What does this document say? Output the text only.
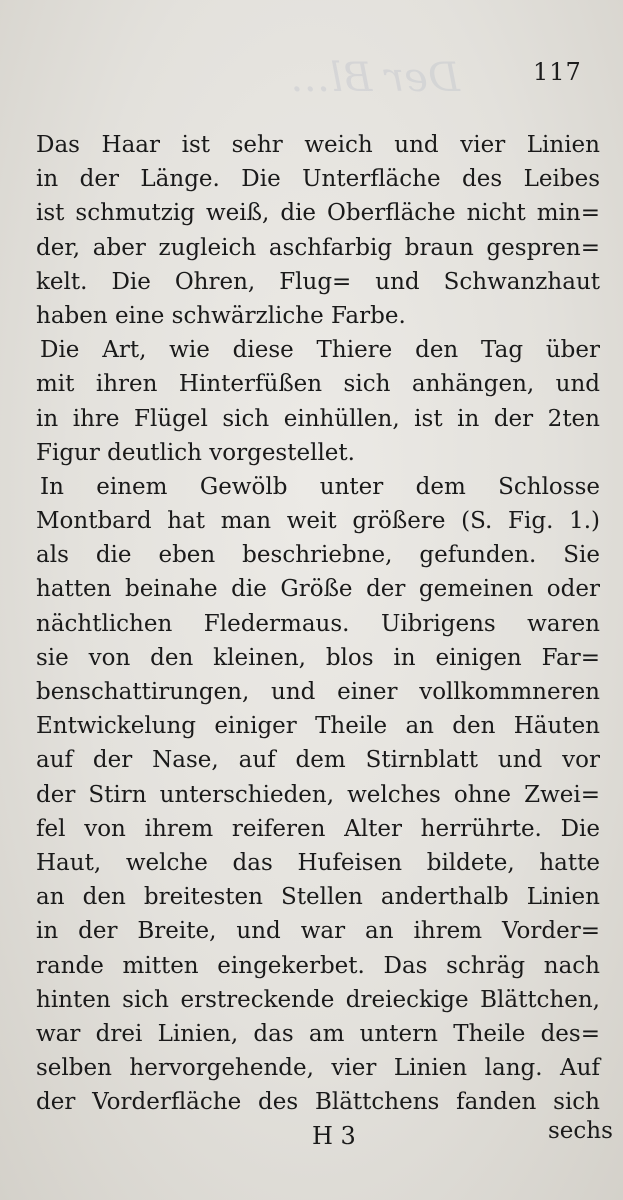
Der Bl…	117
Das Haar ist sehr weich und vier Linien
in der Länge. Die Unterfläche des Leibes
ist schmutzig weiß, die Oberfläche nicht min=
der, aber zugleich aschfarbig braun gespren=
kelt. Die Ohren, Flug= und Schwanzhaut
haben eine schwärzliche Farbe.
Die Art, wie diese Thiere den Tag über
mit ihren Hinterfüßen sich anhängen, und
in ihre Flügel sich einhüllen, ist in der 2ten
Figur deutlich vorgestellet.
In einem Gewölb unter dem Schlosse
Montbard hat man weit größere (S. Fig. 1.)
als die eben beschriebne, gefunden. Sie
hatten beinahe die Größe der gemeinen oder
nächtlichen Fledermaus. Uibrigens waren
sie von den kleinen, blos in einigen Far=
benschattirungen, und einer vollkommneren
Entwickelung einiger Theile an den Häuten
auf der Nase, auf dem Stirnblatt und vor
der Stirn unterschieden, welches ohne Zwei=
fel von ihrem reiferen Alter herrührte. Die
Haut, welche das Hufeisen bildete, hatte
an den breitesten Stellen anderthalb Linien
in der Breite, und war an ihrem Vorder=
rande mitten eingekerbet. Das schräg nach
hinten sich erstreckende dreieckige Blättchen,
war drei Linien, das am untern Theile des=
selben hervorgehende, vier Linien lang. Auf
der Vorderfläche des Blättchens fanden sich
H 3	sechs
